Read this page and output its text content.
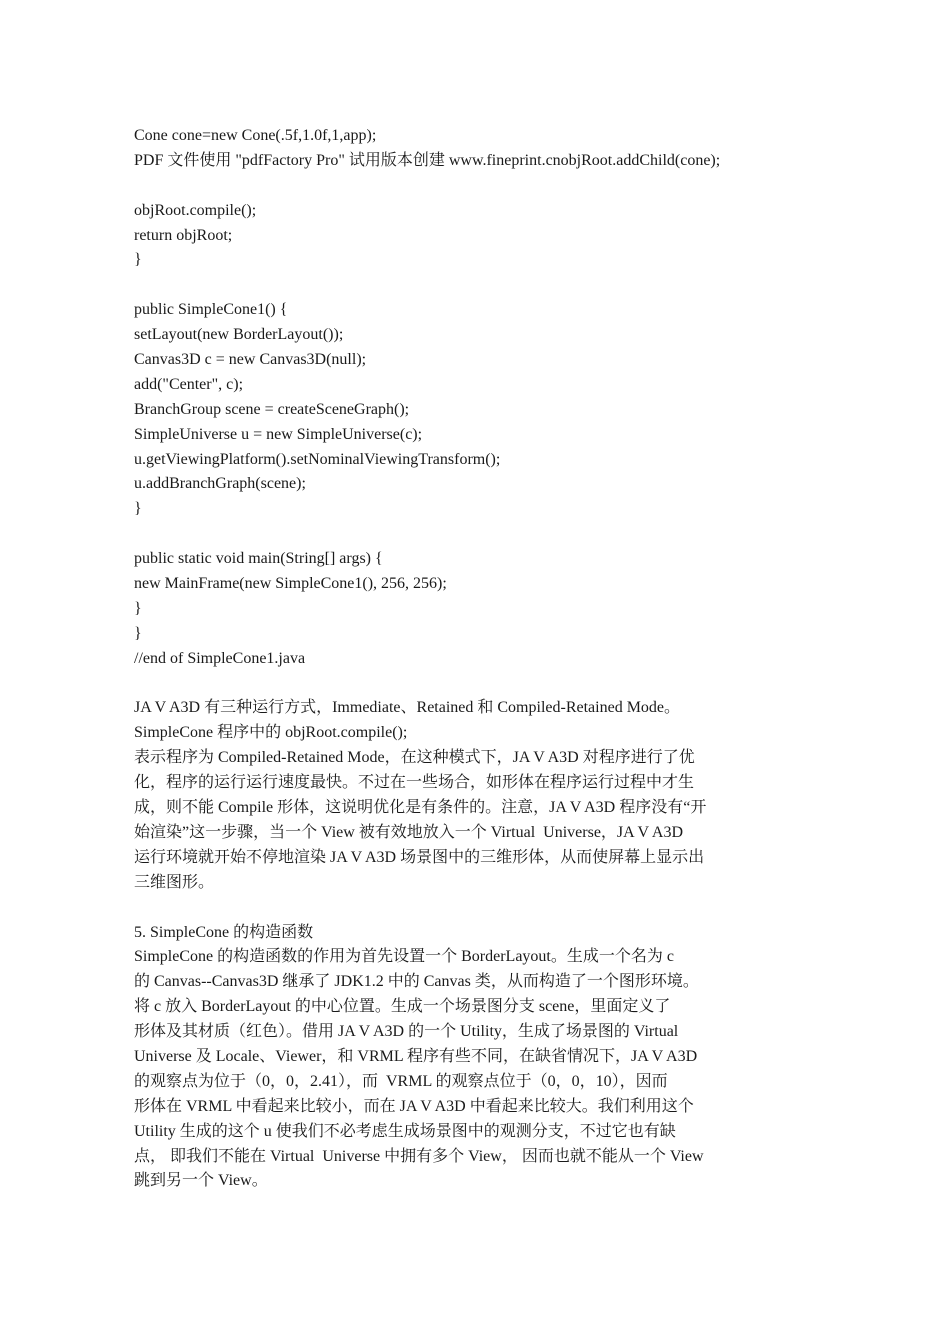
Cone cone=new Cone(.5f,1.0f,1,app);
PDF 文件使用 "pdfFactory Pro" 试用版本创建 www.fineprint.cnobjRoot.addChild(cone);
objRoot.compile();
return objRoot;
}
public SimpleCone1() {
setLayout(new BorderLayout());
Canvas3D c = new Canvas3D(null);
add("Center", c);
BranchGroup scene = createSceneGraph();
SimpleUniverse u = new SimpleUniverse(c);
u.getViewingPlatform().setNominalViewingTransform();
u.addBranchGraph(scene);
}
public static void main(String[] args) {
new MainFrame(new SimpleCone1(), 256, 256);
}
}
//end of SimpleCone1.java
JA V A3D 有三种运行方式，Immediate、Retained 和 Compiled-Retained Mode。
SimpleCone 程序中的 objRoot.compile();
表示程序为 Compiled-Retained Mode，在这种模式下，JA V A3D 对程序进行了优
化，程序的运行运行速度最快。不过在一些场合，如形体在程序运行过程中才生
成，则不能 Compile 形体，这说明优化是有条件的。注意，JA V A3D 程序没有“开
始渲染”这一步骤，当一个 View 被有效地放入一个 Virtual  Universe，JA V A3D
运行环境就开始不停地渲染 JA V A3D 场景图中的三维形体，从而使屏幕上显示出
三维图形。
5. SimpleCone 的构造函数
SimpleCone 的构造函数的作用为首先设置一个 BorderLayout。生成一个名为 c
的 Canvas--Canvas3D 继承了 JDK1.2 中的 Canvas 类，从而构造了一个图形环境。
将 c 放入 BorderLayout 的中心位置。生成一个场景图分支 scene，里面定义了
形体及其材质（红色）。借用 JA V A3D 的一个 Utility，生成了场景图的 Virtual
Universe 及 Locale、Viewer，和 VRML 程序有些不同，在缺省情况下，JA V A3D
的观察点为位于（0，0，2.41），而  VRML 的观察点位于（0，0，10），因而
形体在 VRML 中看起来比较小，而在 JA V A3D 中看起来比较大。我们利用这个
Utility 生成的这个 u 使我们不必考虑生成场景图中的观测分支，不过它也有缺
点， 即我们不能在 Virtual  Universe 中拥有多个 View， 因而也就不能从一个 View
跳到另一个 View。
